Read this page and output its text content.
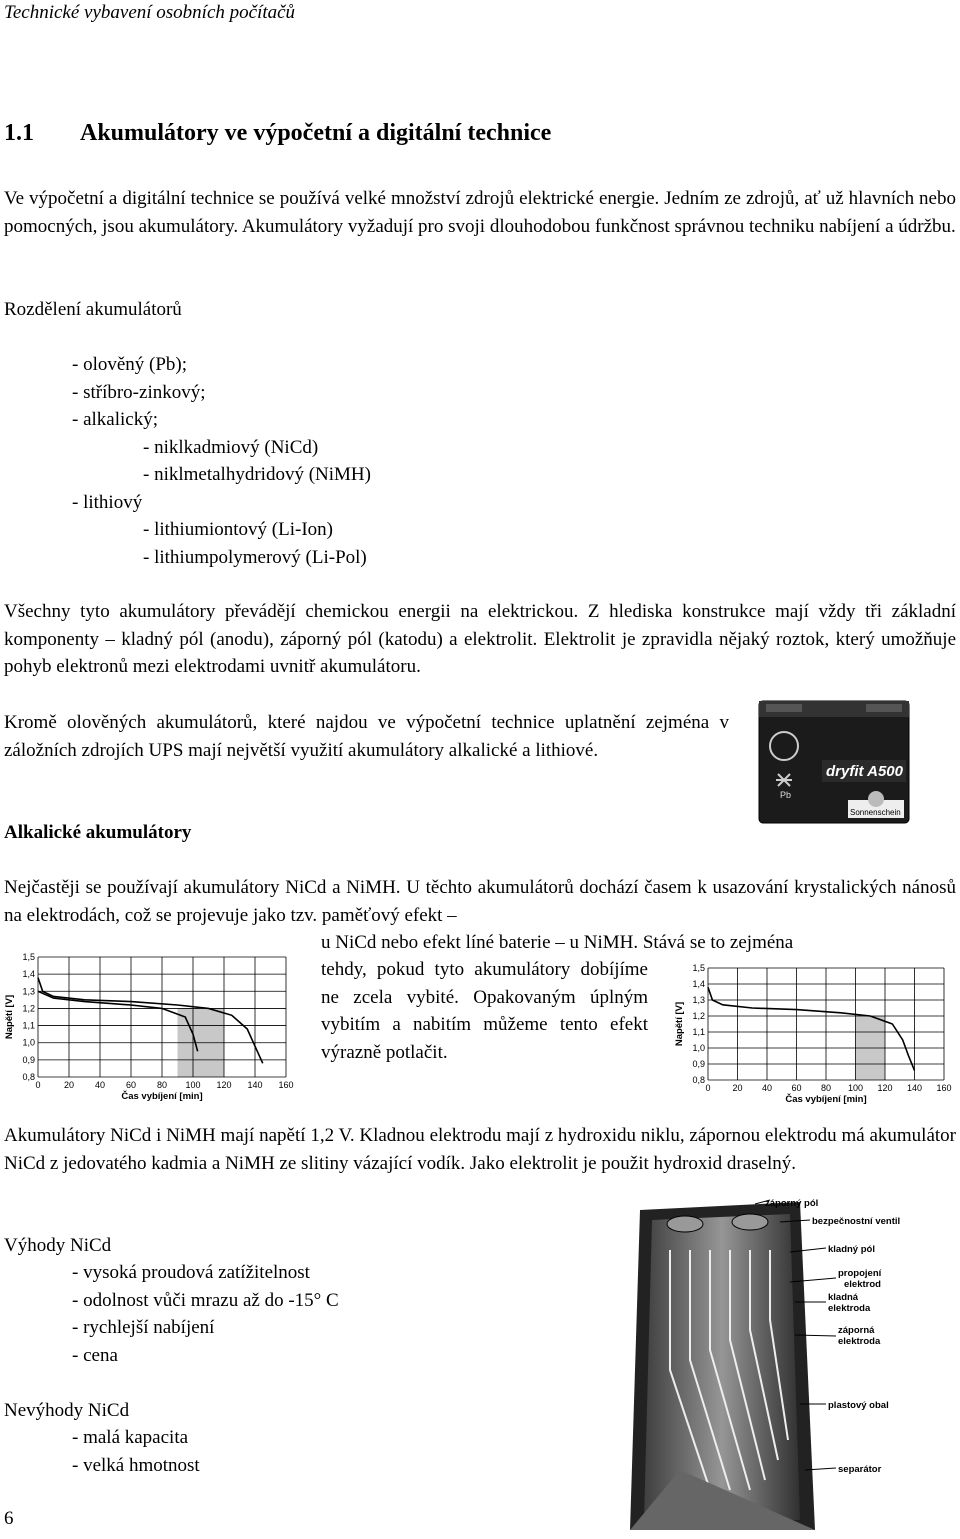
Technické vybavení osobních počítačů
1.1 Akumulátory ve výpočetní a digitální technice
Ve výpočetní a digitální technice se používá velké množství zdrojů elektrické energie. Jedním ze zdrojů, ať už hlavních nebo pomocných, jsou akumulátory. Akumulátory vyžadují pro svoji dlouhodobou funkčnost správnou techniku nabíjení a údržbu.
Rozdělení akumulátorů
- olověný (Pb);
- stříbro-zinkový;
- alkalický;
- niklkadmiový (NiCd)
- niklmetalhydridový (NiMH)
- lithiový
- lithiumiontový (Li-Ion)
- lithiumpolymerový (Li-Pol)
Všechny tyto akumulátory převádějí chemickou energii na elektrickou. Z hlediska konstrukce mají vždy tři základní komponenty – kladný pól (anodu), záporný pól (katodu) a elektrolit. Elektrolit je zpravidla nějaký roztok, který umožňuje pohyb elektronů mezi elektrodami uvnitř akumulátoru.
Kromě olověných akumulátorů, které najdou ve výpočetní technice uplatnění zejména v záložních zdrojích UPS mají největší využití akumulátory alkalické a lithiové.
Pb
dryfit A500
Sonnenschein
Alkalické akumulátory
Nejčastěji se používají akumulátory NiCd a NiMH. U těchto akumulátorů dochází časem k usazování krystalických nánosů na elektrodách, což se projevuje jako tzv. paměťový efekt –
u NiCd nebo efekt líné baterie – u NiMH. Stává se to zejména
tehdy, pokud tyto akumulátory dobíjíme ne zcela vybité. Opakovaným úplným vybitím a nabitím můžeme tento efekt výrazně potlačit.
0	20 40 60 80 100 120 140 160
1,5
1,4
1,3
1,2
1,1
1,0
0,9
0,8
Čas vybíjení [min]
Napětí [V]
0 20 40 60 80 100 120 140 160
1,5
1,4
1,3
1,2
1,1
1,0
0,9
0,8
Čas vybíjení [min]
Napětí [V]
Akumulátory NiCd i NiMH mají napětí 1,2 V. Kladnou elektrodu mají z hydroxidu niklu, zápornou elektrodu má akumulátor NiCd z jedovatého kadmia a NiMH ze slitiny vázající vodík. Jako elektrolit je použit hydroxid draselný.
Výhody NiCd
- vysoká proudová zatížitelnost
- odolnost vůči mrazu až do -15° C
- rychlejší nabíjení
- cena
Nevýhody NiCd
- malá kapacita
- velká hmotnost
záporný pól
bezpečnostní ventil
kladný pól
propojení elektrod
kladná elektroda
záporná elektroda
plastový obal
separátor
6
